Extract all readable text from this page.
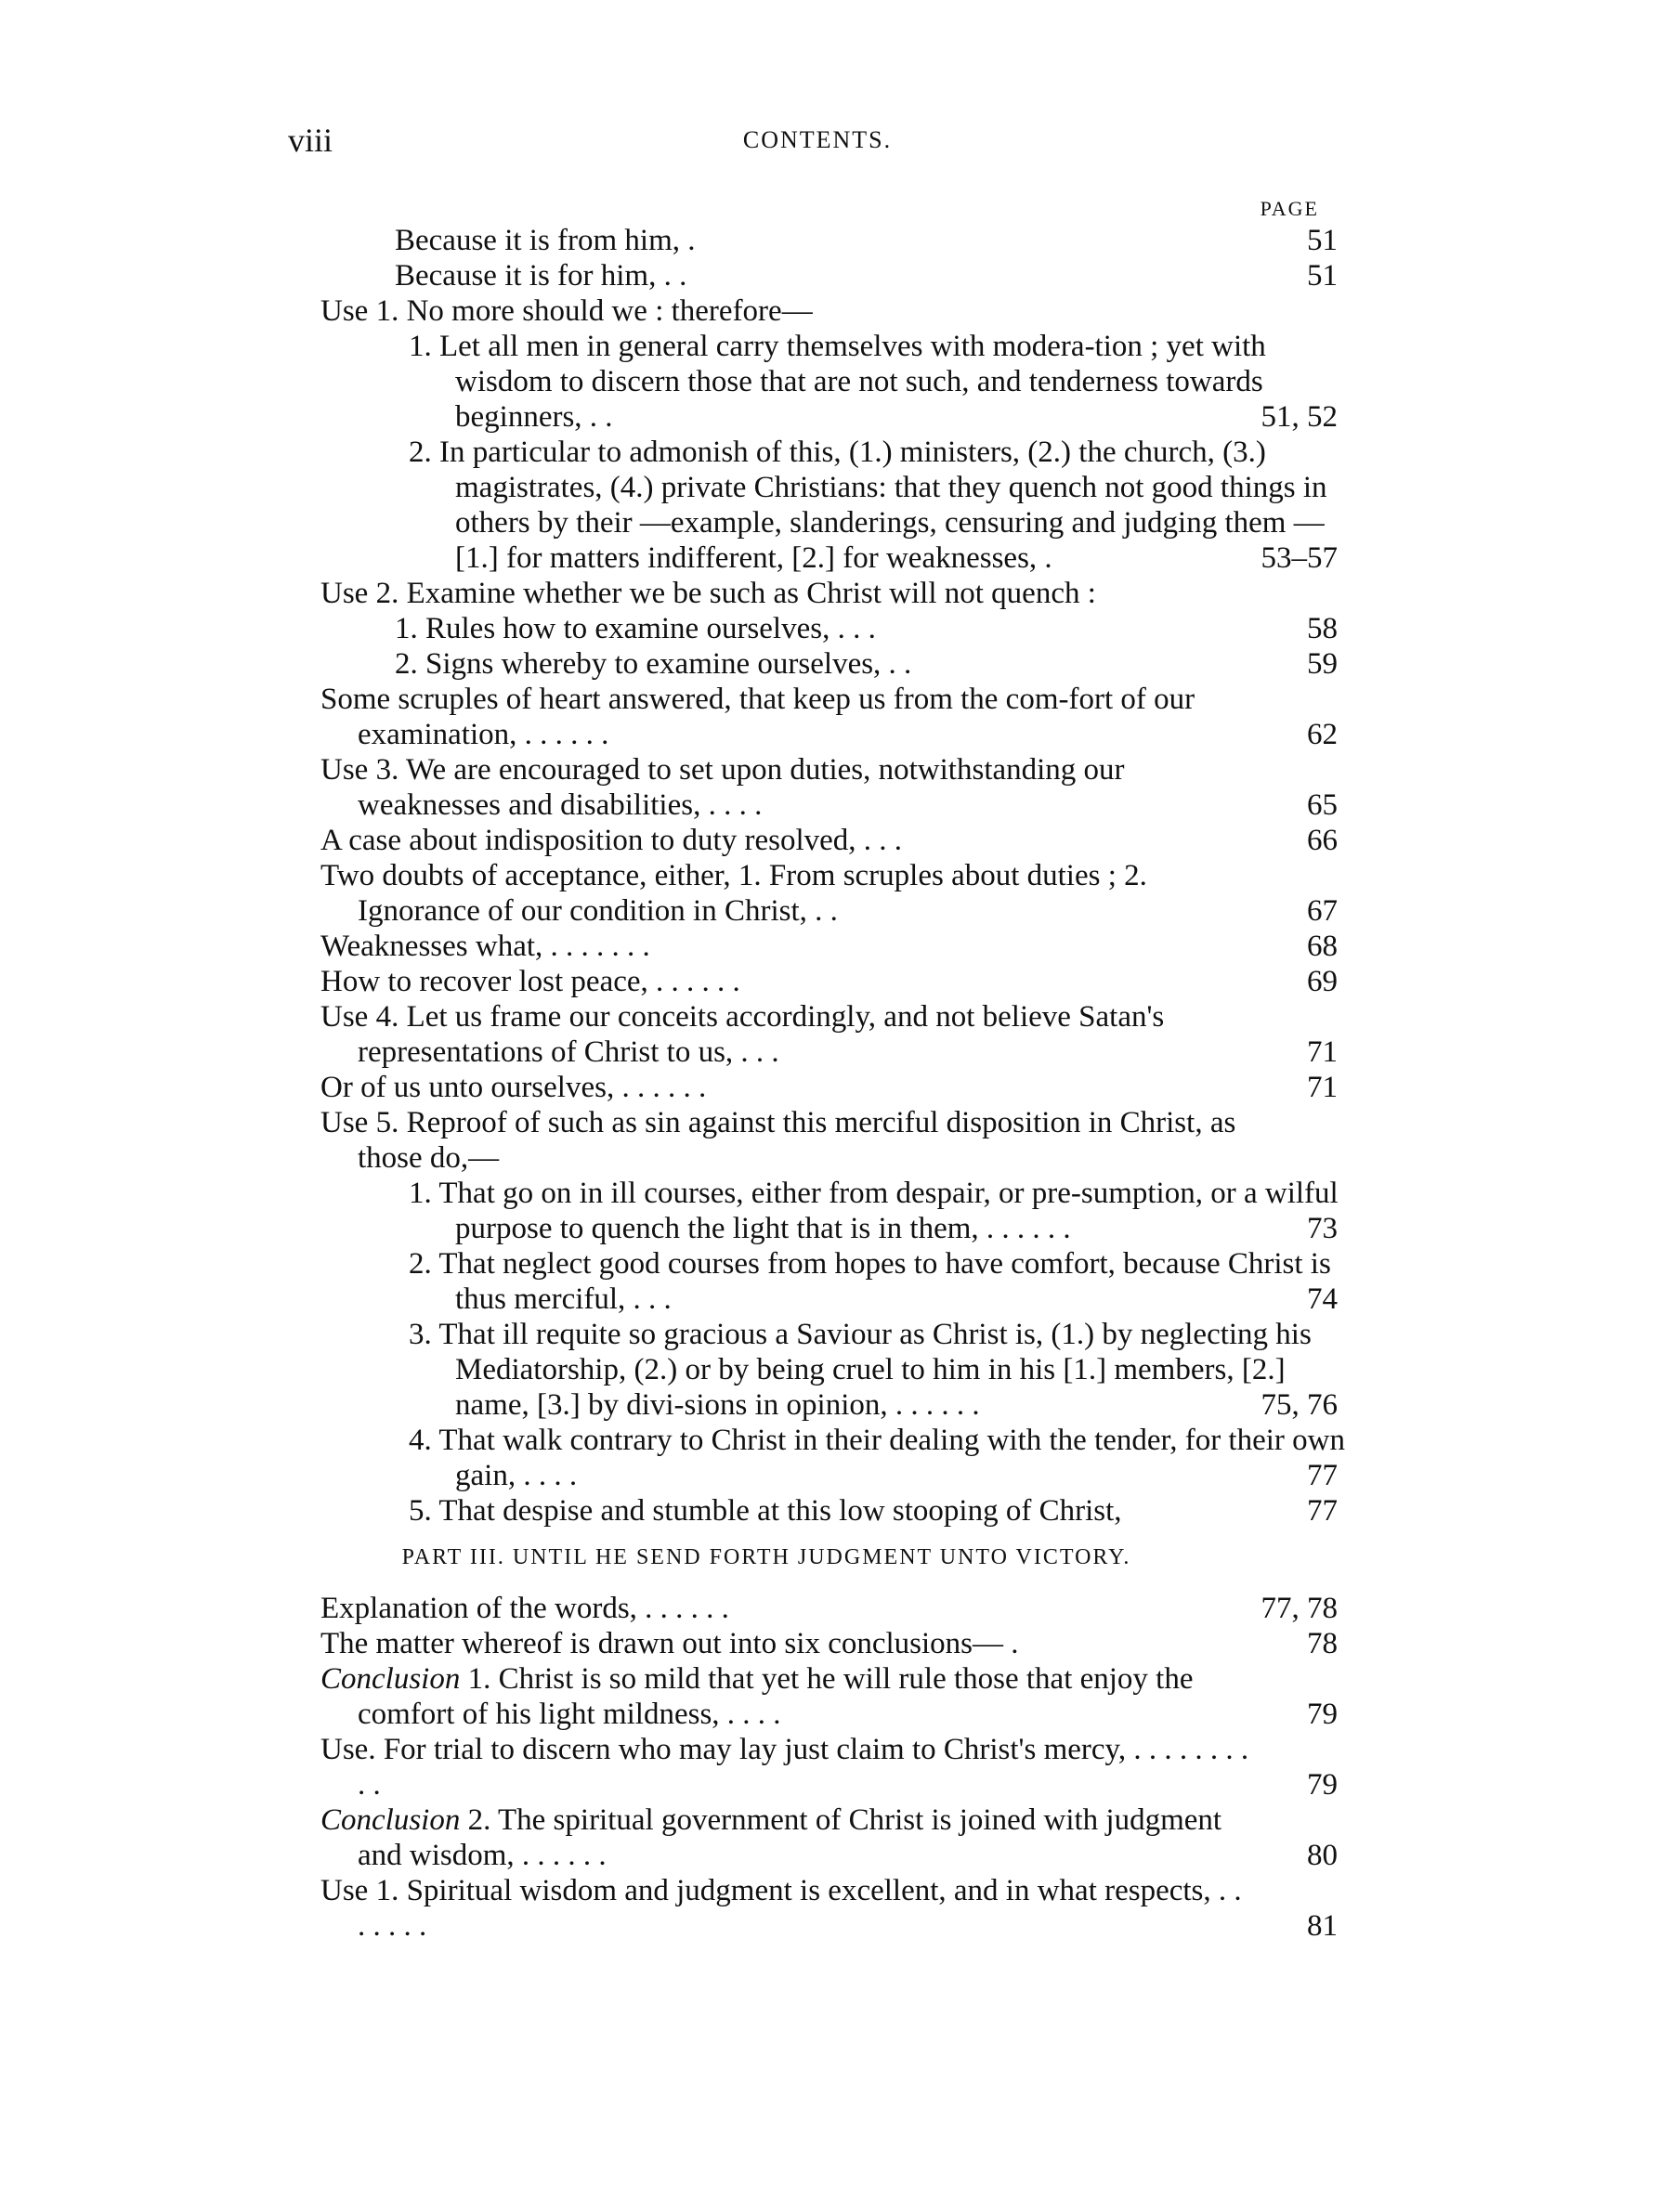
viii	CONTENTS.
PAGE
Because it is from him, .	51
Because it is for him, . .	51
Use 1. No more should we : therefore—
1. Let all men in general carry themselves with modera-tion ; yet with wisdom to discern those that are not such, and tenderness towards beginners, . .	51, 52
2. In particular to admonish of this, (1.) ministers, (2.) the church, (3.) magistrates, (4.) private Christians: that they quench not good things in others by their —example, slanderings, censuring and judging them —[1.] for matters indifferent, [2.] for weaknesses, .	53–57
Use 2. Examine whether we be such as Christ will not quench :
1. Rules how to examine ourselves, . . .	58
2. Signs whereby to examine ourselves, . .	59
Some scruples of heart answered, that keep us from the com-fort of our examination, . . . . . .	62
Use 3. We are encouraged to set upon duties, notwithstanding our weaknesses and disabilities, . . . .	65
A case about indisposition to duty resolved, . . .	66
Two doubts of acceptance, either, 1. From scruples about duties ; 2. Ignorance of our condition in Christ, . .	67
Weaknesses what, . . . . . . .	68
How to recover lost peace, . . . . . .	69
Use 4. Let us frame our conceits accordingly, and not believe Satan's representations of Christ to us, . . .	71
Or of us unto ourselves, . . . . . .	71
Use 5. Reproof of such as sin against this merciful disposition in Christ, as those do,—
1. That go on in ill courses, either from despair, or pre-sumption, or a wilful purpose to quench the light that is in them, . . . . . .	73
2. That neglect good courses from hopes to have comfort, because Christ is thus merciful, . . .	74
3. That ill requite so gracious a Saviour as Christ is, (1.) by neglecting his Mediatorship, (2.) or by being cruel to him in his [1.] members, [2.] name, [3.] by divi-sions in opinion, . . . . . .	75, 76
4. That walk contrary to Christ in their dealing with the tender, for their own gain, . . . .	77
5. That despise and stumble at this low stooping of Christ,	77
PART III. UNTIL HE SEND FORTH JUDGMENT UNTO VICTORY.
Explanation of the words, . . . . . .	77, 78
The matter whereof is drawn out into six conclusions— .	78
Conclusion 1. Christ is so mild that yet he will rule those that enjoy the comfort of his light mildness, . . . .	79
Use. For trial to discern who may lay just claim to Christ's mercy, . . . . . . . . . .	79
Conclusion 2. The spiritual government of Christ is joined with judgment and wisdom, . . . . . .	80
Use 1. Spiritual wisdom and judgment is excellent, and in what respects, . . . . . . .	81
